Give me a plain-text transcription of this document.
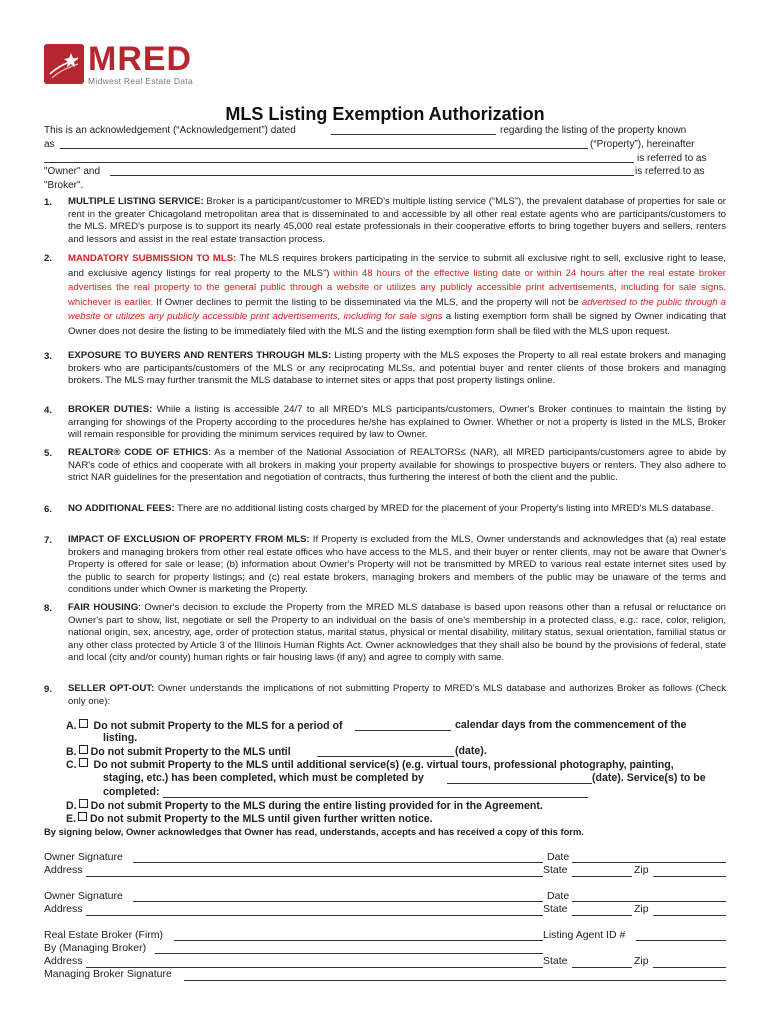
MRED
Midwest Real Estate Data
MLS Listing Exemption Authorization
This is an acknowledgement (“Acknowledgement”) dated	regarding the listing of the property known
as	(“Property”), hereinafter
is referred to as
"Owner" and	is referred to as
"Broker".
1. MULTIPLE LISTING SERVICE: Broker is a participant/customer to MRED's multiple listing service (“MLS”), the prevalent database of properties for sale or rent in the greater Chicagoland metropolitan area that is disseminated to and accessible by all other real estate agents who are participants/customers to the MLS. MRED's purpose is to support its nearly 45,000 real estate professionals in their cooperative efforts to bring together buyers and sellers, renters and lessors and assist in the real estate transaction process.
2. MANDATORY SUBMISSION TO MLS: The MLS requires brokers participating in the service to submit all exclusive right to sell, exclusive right to lease, and exclusive agency listings for real property to the MLS”) within 48 hours of the effective listing date or within 24 hours after the real estate broker advertises the real property to the general public through a website or utilizes any publicly accessible print advertisements, including for sale signs, whichever is earlier. If Owner declines to permit the listing to be disseminated via the MLS, and the property will not be advertised to the public through a website or utilizes any publicly accessible print advertisements, including for sale signs a listing exemption form shall be signed by Owner indicating that Owner does not desire the listing to be immediately filed with the MLS and the listing exemption form shall be filed with the MLS upon request.
3. EXPOSURE TO BUYERS AND RENTERS THROUGH MLS: Listing property with the MLS exposes the Property to all real estate brokers and managing brokers who are participants/customers of the MLS or any reciprocating MLSs, and potential buyer and renter clients of those brokers and managing brokers. The MLS may further transmit the MLS database to internet sites or apps that post property listings online.
4. BROKER DUTIES: While a listing is accessible 24/7 to all MRED's MLS participants/customers, Owner's Broker continues to maintain the listing by arranging for showings of the Property according to the procedures he/she has explained to Owner. Whether or not a property is listed in the MLS, Broker will remain responsible for providing the minimum services required by law to Owner.
5. REALTOR® CODE OF ETHICS: As a member of the National Association of REALTORS≤ (NAR), all MRED participants/customers agree to abide by NAR's code of ethics and cooperate with all brokers in making your property available for showings to prospective buyers or renters. They also adhere to strict NAR guidelines for the presentation and negotiation of contracts, thus furthering the interest of both the client and the public.
6. NO ADDITIONAL FEES: There are no additional listing costs charged by MRED for the placement of your Property's listing into MRED's MLS database.
7. IMPACT OF EXCLUSION OF PROPERTY FROM MLS: If Property is excluded from the MLS, Owner understands and acknowledges that (a) real estate brokers and managing brokers from other real estate offices who have access to the MLS, and their buyer or renter clients, may not be aware that Owner's Property is offered for sale or lease; (b) information about Owner's Property will not be transmitted by MRED to various real estate internet sites used by the public to search for property listings; and (c) real estate brokers, managing brokers and members of the public may be unaware of the terms and conditions under which Owner is marketing the Property.
8. FAIR HOUSING: Owner's decision to exclude the Property from the MRED MLS database is based upon reasons other than a refusal or reluctance on Owner's part to show, list, negotiate or sell the Property to an individual on the basis of one's membership in a protected class, e.g.: race, color, religion, national origin, sex, ancestry, age, order of protection status, marital status, physical or mental disability, military status, sexual orientation, familial status or any other class protected by Article 3 of the Illinois Human Rights Act. Owner acknowledges that they shall also be bound by the provisions of federal, state and local (city and/or county) human rights or fair housing laws (if any) and agree to comply with same.
9. SELLER OPT-OUT: Owner understands the implications of not submitting Property to MRED's MLS database and authorizes Broker as follows (Check only one):
A. Do not submit Property to the MLS for a period of	calendar days from the commencement of the
listing.
B. Do not submit Property to the MLS until	(date).
C. Do not submit Property to the MLS until additional service(s) (e.g. virtual tours, professional photography, painting,
staging, etc.) has been completed, which must be completed by	(date). Service(s) to be
completed:
D. Do not submit Property to the MLS during the entire listing provided for in the Agreement.
E. Do not submit Property to the MLS until given further written notice.
By signing below, Owner acknowledges that Owner has read, understands, accepts and has received a copy of this form.
Owner Signature	Date
Address	State	Zip
Owner Signature	Date
Address	State	Zip
Real Estate Broker (Firm)	Listing Agent ID #
By (Managing Broker)
Address	State	Zip
Managing Broker Signature
